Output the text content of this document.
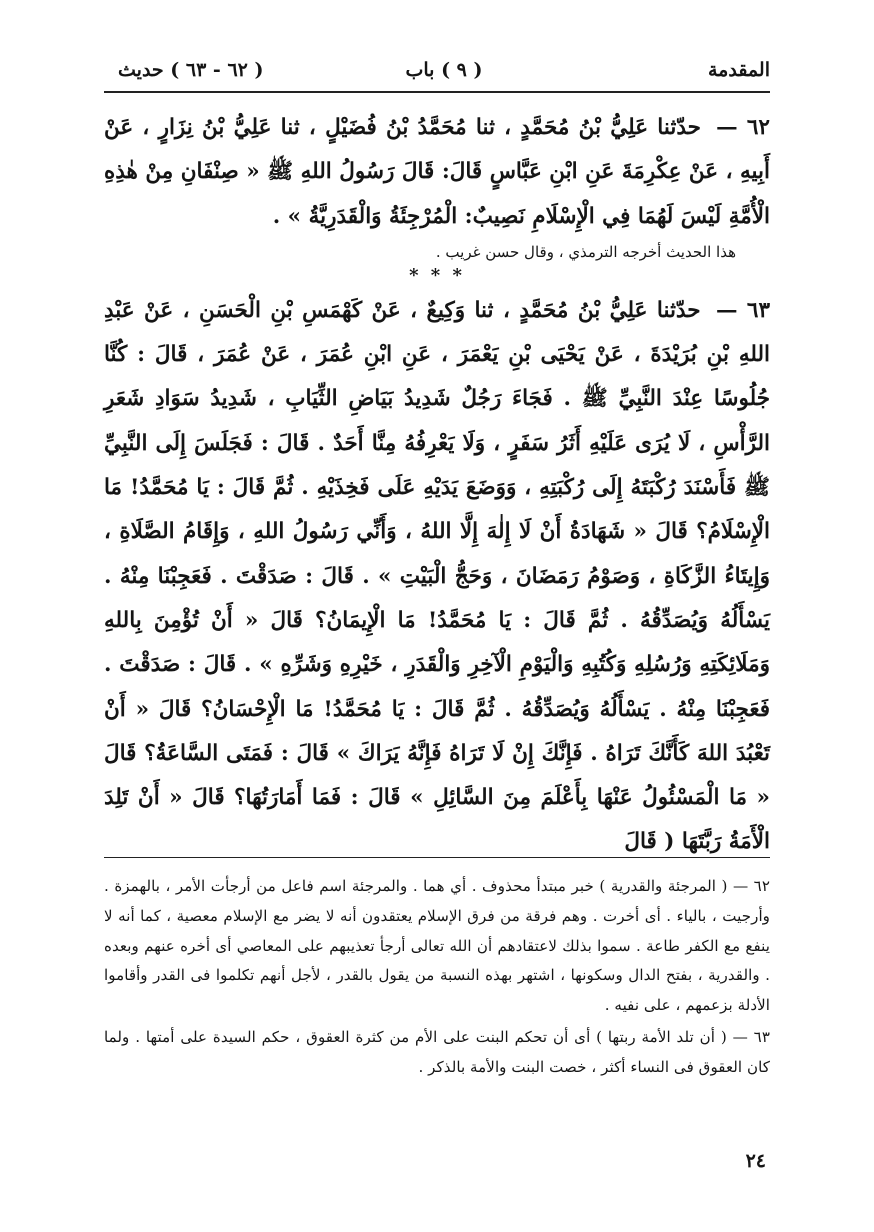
المقدمة
( ٩ ) باب
( ٦٢ - ٦٣ ) حديث

٦٢ — حدّثنا عَلِيُّ بْنُ مُحَمَّدٍ ، ثنا مُحَمَّدُ بْنُ فُضَيْلٍ ، ثنا عَلِيُّ بْنُ نِزَارٍ ، عَنْ أَبِيهِ ، عَنْ عِكْرِمَةَ عَنِ ابْنِ عَبَّاسٍ قَالَ: قَالَ رَسُولُ اللهِ ﷺ « صِنْفَانِ مِنْ هٰذِهِ الْأُمَّةِ لَيْسَ لَهُمَا فِي الْإِسْلَامِ نَصِيبٌ: الْمُرْجِئَةُ وَالْقَدَرِيَّةُ » .

هذا الحديث أخرجه الترمذي ، وقال حسن غريب .

* * *

٦٣ — حدّثنا عَلِيُّ بْنُ مُحَمَّدٍ ، ثنا وَكِيعٌ ، عَنْ كَهْمَسِ بْنِ الْحَسَنِ ، عَنْ عَبْدِ اللهِ بْنِ بُرَيْدَةَ ، عَنْ يَحْيَى بْنِ يَعْمَرَ ، عَنِ ابْنِ عُمَرَ ، عَنْ عُمَرَ ، قَالَ : كُنَّا جُلُوسًا عِنْدَ النَّبِيِّ ﷺ . فَجَاءَ رَجُلٌ شَدِيدُ بَيَاضِ الثِّيَابِ ، شَدِيدُ سَوَادِ شَعَرِ الرَّأْسِ ، لَا يُرَى عَلَيْهِ أَثَرُ سَفَرٍ ، وَلَا يَعْرِفُهُ مِنَّا أَحَدٌ . قَالَ : فَجَلَسَ إِلَى النَّبِيِّ ﷺ فَأَسْنَدَ رُكْبَتَهُ إِلَى رُكْبَتِهِ ، وَوَضَعَ يَدَيْهِ عَلَى فَخِذَيْهِ . ثُمَّ قَالَ : يَا مُحَمَّدُ! مَا الْإِسْلَامُ؟ قَالَ « شَهَادَةُ أَنْ لَا إِلٰهَ إِلَّا اللهُ ، وَأَنِّي رَسُولُ اللهِ ، وَإِقَامُ الصَّلَاةِ ، وَإِيتَاءُ الزَّكَاةِ ، وَصَوْمُ رَمَضَانَ ، وَحَجُّ الْبَيْتِ » . قَالَ : صَدَقْتَ . فَعَجِبْنَا مِنْهُ . يَسْأَلُهُ وَيُصَدِّقُهُ . ثُمَّ قَالَ : يَا مُحَمَّدُ! مَا الْإِيمَانُ؟ قَالَ « أَنْ تُؤْمِنَ بِاللهِ وَمَلَائِكَتِهِ وَرُسُلِهِ وَكُتُبِهِ وَالْيَوْمِ الْآخِرِ وَالْقَدَرِ ، خَيْرِهِ وَشَرِّهِ » . قَالَ : صَدَقْتَ . فَعَجِبْنَا مِنْهُ . يَسْأَلُهُ وَيُصَدِّقُهُ . ثُمَّ قَالَ : يَا مُحَمَّدُ! مَا الْإِحْسَانُ؟ قَالَ « أَنْ تَعْبُدَ اللهَ كَأَنَّكَ تَرَاهُ . فَإِنَّكَ إِنْ لَا تَرَاهُ فَإِنَّهُ يَرَاكَ » قَالَ : فَمَتَى السَّاعَةُ؟ قَالَ « مَا الْمَسْئُولُ عَنْهَا بِأَعْلَمَ مِنَ السَّائِلِ » قَالَ : فَمَا أَمَارَتُهَا؟ قَالَ « أَنْ تَلِدَ الْأَمَةُ رَبَّتَهَا ( قَالَ

٦٢ — ( المرجئة والقدرية ) خبر مبتدأ محذوف . أي هما . والمرجئة اسم فاعل من أرجأت الأمر ، بالهمزة . وأرجيت ، بالياء . أى أخرت . وهم فرقة من فرق الإسلام يعتقدون أنه لا يضر مع الإسلام معصية ، كما أنه لا ينفع مع الكفر طاعة . سموا بذلك لاعتقادهم أن الله تعالى أرجأ تعذيبهم على المعاصي أى أخره عنهم وبعده . والقدرية ، بفتح الدال وسكونها ، اشتهر بهذه النسبة من يقول بالقدر ، لأجل أنهم تكلموا فى القدر وأقاموا الأدلة بزعمهم ، على نفيه .

٦٣ — ( أن تلد الأمة ربتها ) أى أن تحكم البنت على الأم من كثرة العقوق ، حكم السيدة على أمتها . ولما كان العقوق فى النساء أكثر ، خصت البنت والأمة بالذكر .

٢٤
